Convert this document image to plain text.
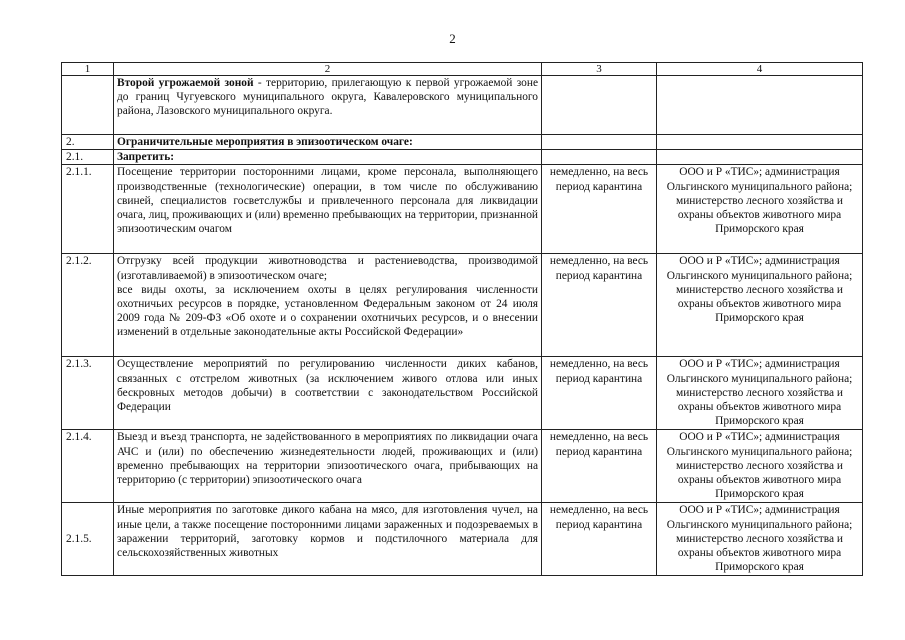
2
1	2	3	4
	Второй угрожаемой зоной - территорию, прилегающую к первой угрожаемой зоне до границ Чугуевского муниципального округа, Кавалеровского муниципального района, Лазовского муниципального округа.		
2.	Ограничительные мероприятия в эпизоотическом очаге:		
2.1.	Запретить:		
2.1.1.	Посещение территории посторонними лицами, кроме персонала, выполняющего производственные (технологические) операции, в том числе по обслуживанию свиней, специалистов госветслужбы и привлеченного персонала для ликвидации очага, лиц, проживающих и (или) временно пребывающих на территории, признанной эпизоотическим очагом	немедленно, на весь период карантина	ООО и Р «ТИС»; администрация Ольгинского муниципального района; министерство лесного хозяйства и охраны объектов животного мира Приморского края
2.1.2.	Отгрузку всей продукции животноводства и растениеводства, производимой (изготавливаемой) в эпизоотическом очаге;
все виды охоты, за исключением охоты в целях регулирования численности охотничьих ресурсов в порядке, установленном Федеральным законом от 24 июля 2009 года № 209-ФЗ «Об охоте и о сохранении охотничьих ресурсов, и о внесении изменений в отдельные законодательные акты Российской Федерации»	немедленно, на весь период карантина	ООО и Р «ТИС»; администрация Ольгинского муниципального района; министерство лесного хозяйства и охраны объектов животного мира Приморского края
2.1.3.	Осуществление мероприятий по регулированию численности диких кабанов, связанных с отстрелом животных (за исключением живого отлова или иных бескровных методов добычи) в соответствии с законодательством Российской Федерации	немедленно, на весь период карантина	ООО и Р «ТИС»; администрация Ольгинского муниципального района; министерство лесного хозяйства и охраны объектов животного мира Приморского края
2.1.4.	Выезд и въезд транспорта, не задействованного в мероприятиях по ликвидации очага АЧС и (или) по обеспечению жизнедеятельности людей, проживающих и (или) временно пребывающих на территории эпизоотического очага, прибывающих на территорию (с территории) эпизоотического очага	немедленно, на весь период карантина	ООО и Р «ТИС»; администрация Ольгинского муниципального района; министерство лесного хозяйства и охраны объектов животного мира Приморского края
2.1.5.	Иные мероприятия по заготовке дикого кабана на мясо, для изготовления чучел, на иные цели, а также посещение посторонними лицами зараженных и подозреваемых в заражении территорий, заготовку кормов и подстилочного материала для сельскохозяйственных животных	немедленно, на весь период карантина	ООО и Р «ТИС»; администрация Ольгинского муниципального района; министерство лесного хозяйства и охраны объектов животного мира Приморского края
